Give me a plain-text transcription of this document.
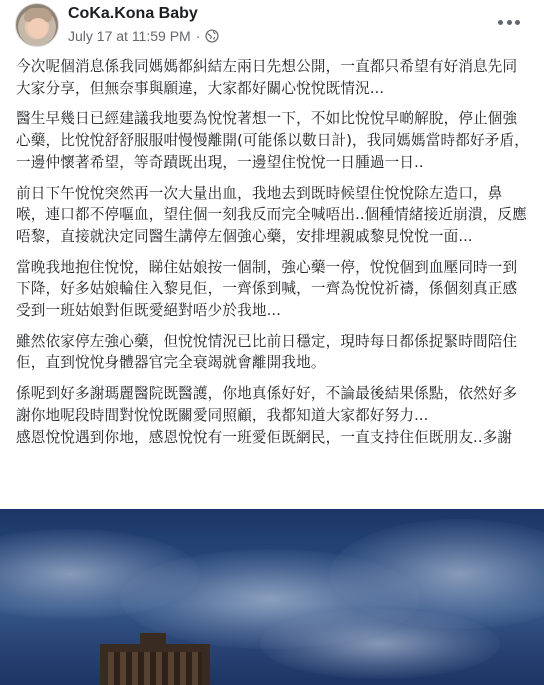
CoKa.Kona Baby
July 17 at 11:59 PM ·

今次呢個消息係我同媽媽都糾結左兩日先想公開，一直都只希望有好消息先同大家分享，但無奈事與願違，大家都好關心悅悅既情況...

醫生早幾日已經建議我地要為悅悅著想一下，不如比悅悅早啲解脫，停止個強心藥，比悅悅舒舒服服咁慢慢離開(可能係以數日計)，我同媽媽當時都好矛盾，一邊仲懷著希望，等奇蹟既出現，一邊望住悅悅一日腫過一日..

前日下午悅悅突然再一次大量出血，我地去到既時候望住悅悅除左造口，鼻喉，連口都不停嘔血，望住個一刻我反而完全喊唔出..個種情緒接近崩潰，反應唔黎，直接就決定同醫生講停左個強心藥，安排埋親戚黎見悅悅一面...

當晚我地抱住悅悅，睇住姑娘按一個制，強心藥一停，悅悅個到血壓同時一到下降，好多姑娘輪住入黎見佢，一齊係到喊，一齊為悅悅祈禱，係個刻真正感受到一班姑娘對佢既愛絕對唔少於我地...

雖然依家停左強心藥，但悅悅情況已比前日穩定，現時每日都係捉緊時間陪住佢，直到悅悅身體器官完全衰竭就會離開我地。

係呢到好多謝瑪麗醫院既醫護，你地真係好好，不論最後結果係點，依然好多謝你地呢段時間對悅悅既關愛同照顧，我都知道大家都好努力...
感恩悅悅遇到你地，感恩悅悅有一班愛佢既網民，一直支持住佢既朋友..多謝
